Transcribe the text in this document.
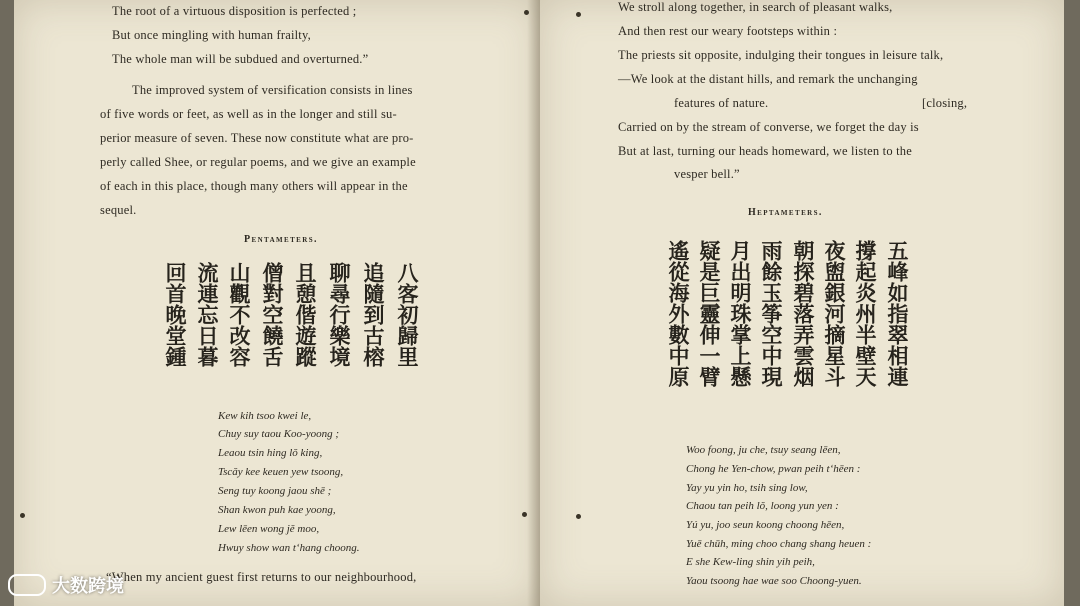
The root of a virtuous disposition is perfected ;
But once mingling with human frailty,
The whole man will be subdued and overturned.”
The improved system of versification consists in lines
of five words or feet, as well as in the longer and still su-
perior measure of seven. These now constitute what are pro-
perly called Shee, or regular poems, and we give an example
of each in this place, though many others will appear in the
sequel.
Pentameters.
八客初歸里
追隨到古榕
聊尋行樂境
且憩偕遊蹤
僧對空饒舌
山觀不改容
流連忘日暮
回首晚堂鍾
Kew kih tsoo kwei le,
Chuy suy taou Koo-yoong ;
Leaou tsin hing lŏ king,
Tscăy kee keuen yew tsoong,
Seng tuy koong jaou shē ;
Shan kwon puh kae yoong,
Lew lēen wong jĕ moo,
Hwuy show wan t‘hang choong.
“When my ancient guest first returns to our neighbourhood,
We stroll along together, in search of pleasant walks,
And then rest our weary footsteps within :
The priests sit opposite, indulging their tongues in leisure talk,
—We look at the distant hills, and remark the unchanging
features of nature.	[closing,
Carried on by the stream of converse, we forget the day is
But at last, turning our heads homeward, we listen to the
vesper bell.”
Heptameters.
五峰如指翠相連
撐起炎州半壁天
夜盥銀河摘星斗
朝探碧落弄雲烟
雨餘玉筝空中現
月出明珠掌上懸
疑是巨靈伸一臂
遙從海外數中原
Woo foong, ju che, tsuy seang lēen,
Chong he Yen-chow, pwan peih t‘hēen :
Yay yu yin ho, tsih sing low,
Chaou tan peih lŏ, loong yun yen :
Yú yu, joo seun koong choong hēen,
Yuē chūh, ming choo chang shang heuen :
E she Kew-ling shin yih peih,
Yaou tsoong hae wae soo Choong-yuen.
大数跨境
